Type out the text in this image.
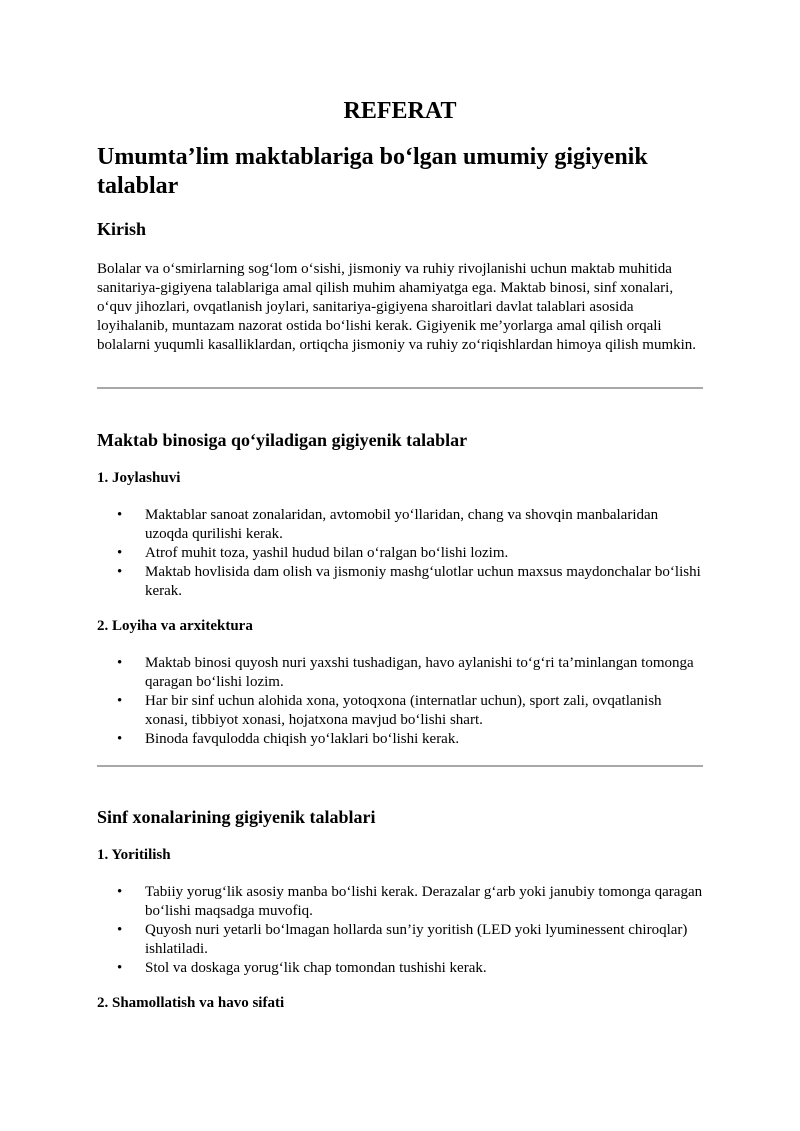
REFERAT
Umumta’lim maktablariga bo‘lgan umumiy gigiyenik talablar
Kirish

Bolalar va o‘smirlarning sog‘lom o‘sishi, jismoniy va ruhiy rivojlanishi uchun maktab muhitida sanitariya-gigiyena talablariga amal qilish muhim ahamiyatga ega. Maktab binosi, sinf xonalari, o‘quv jihozlari, ovqatlanish joylari, sanitariya-gigiyena sharoitlari davlat talablari asosida loyihalanib, muntazam nazorat ostida bo‘lishi kerak. Gigiyenik me’yorlarga amal qilish orqali bolalarni yuqumli kasalliklardan, ortiqcha jismoniy va ruhiy zo‘riqishlardan himoya qilish mumkin.

Maktab binosiga qo‘yiladigan gigiyenik talablar
1. Joylashuvi
• Maktablar sanoat zonalaridan, avtomobil yo‘llaridan, chang va shovqin manbalaridan uzoqda qurilishi kerak.
• Atrof muhit toza, yashil hudud bilan o‘ralgan bo‘lishi lozim.
• Maktab hovlisida dam olish va jismoniy mashg‘ulotlar uchun maxsus maydonchalar bo‘lishi kerak.
2. Loyiha va arxitektura
• Maktab binosi quyosh nuri yaxshi tushadigan, havo aylanishi to‘g‘ri ta’minlangan tomonga qaragan bo‘lishi lozim.
• Har bir sinf uchun alohida xona, yotoqxona (internatlar uchun), sport zali, ovqatlanish xonasi, tibbiyot xonasi, hojatxona mavjud bo‘lishi shart.
• Binoda favqulodda chiqish yo‘laklari bo‘lishi kerak.
Sinf xonalarining gigiyenik talablari
1. Yoritilish
• Tabiiy yorug‘lik asosiy manba bo‘lishi kerak. Derazalar g‘arb yoki janubiy tomonga qaragan bo‘lishi maqsadga muvofiq.
• Quyosh nuri yetarli bo‘lmagan hollarda sun’iy yoritish (LED yoki lyuminessent chiroqlar) ishlatiladi.
• Stol va doskaga yorug‘lik chap tomondan tushishi kerak.
2. Shamollatish va havo sifati
